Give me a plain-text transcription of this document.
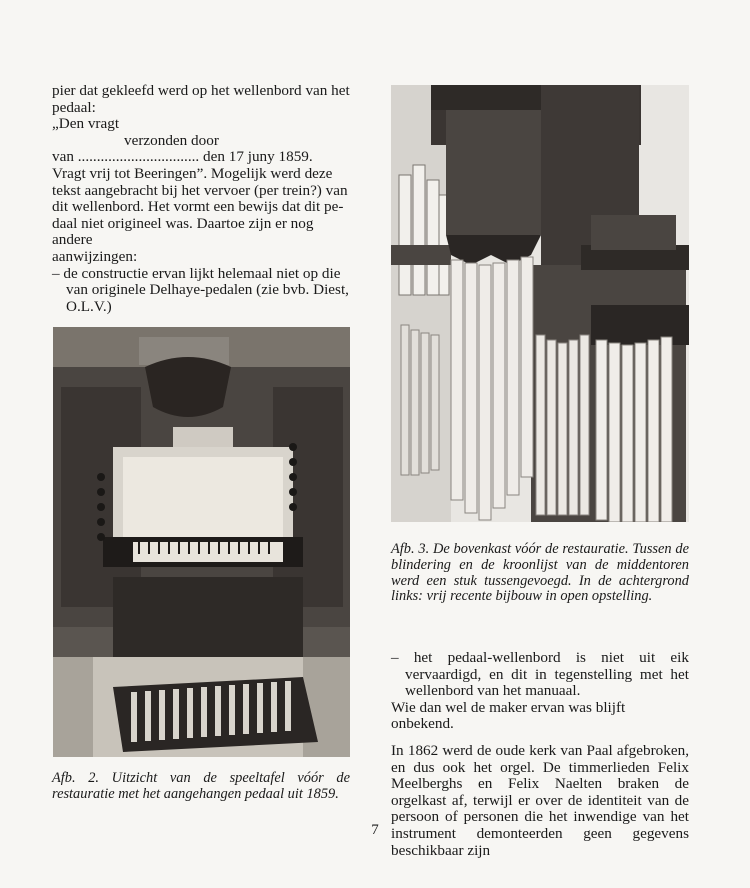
pier dat gekleefd werd op het wellenbord van het

pedaal:

„Den vragt

verzonden door

van ................................ den 17 juny 1859.

Vragt vrij tot Beeringen”. Mogelijk werd deze

tekst aangebracht bij het vervoer (per trein?) van

dit wellenbord. Het vormt een bewijs dat dit pe-

daal niet origineel was. Daartoe zijn er nog andere

aanwijzingen:

– de constructie ervan lijkt helemaal niet op die

van originele Delhaye-pedalen (zie bvb. Diest,

O.L.V.)

Afb. 2. Uitzicht van de speeltafel vóór de restauratie met het aangehangen pedaal uit 1859.
Afb. 3. De bovenkast vóór de restauratie. Tussen de blindering en de kroonlijst van de middentoren werd een stuk tussengevoegd. In de achtergrond links: vrij recente bijbouw in open opstelling.

– het pedaal-wellenbord is niet uit eik vervaardigd, en dit in tegenstelling met het wellenbord van het manuaal.

Wie dan wel de maker ervan was blijft onbekend.

In 1862 werd de oude kerk van Paal afgebroken, en dus ook het orgel. De timmerlieden Felix Meelberghs en Felix Naelten braken de orgelkast af, terwijl er over de identiteit van de persoon of personen die het inwendige van het instrument demonteerden geen gegevens beschikbaar zijn

7
